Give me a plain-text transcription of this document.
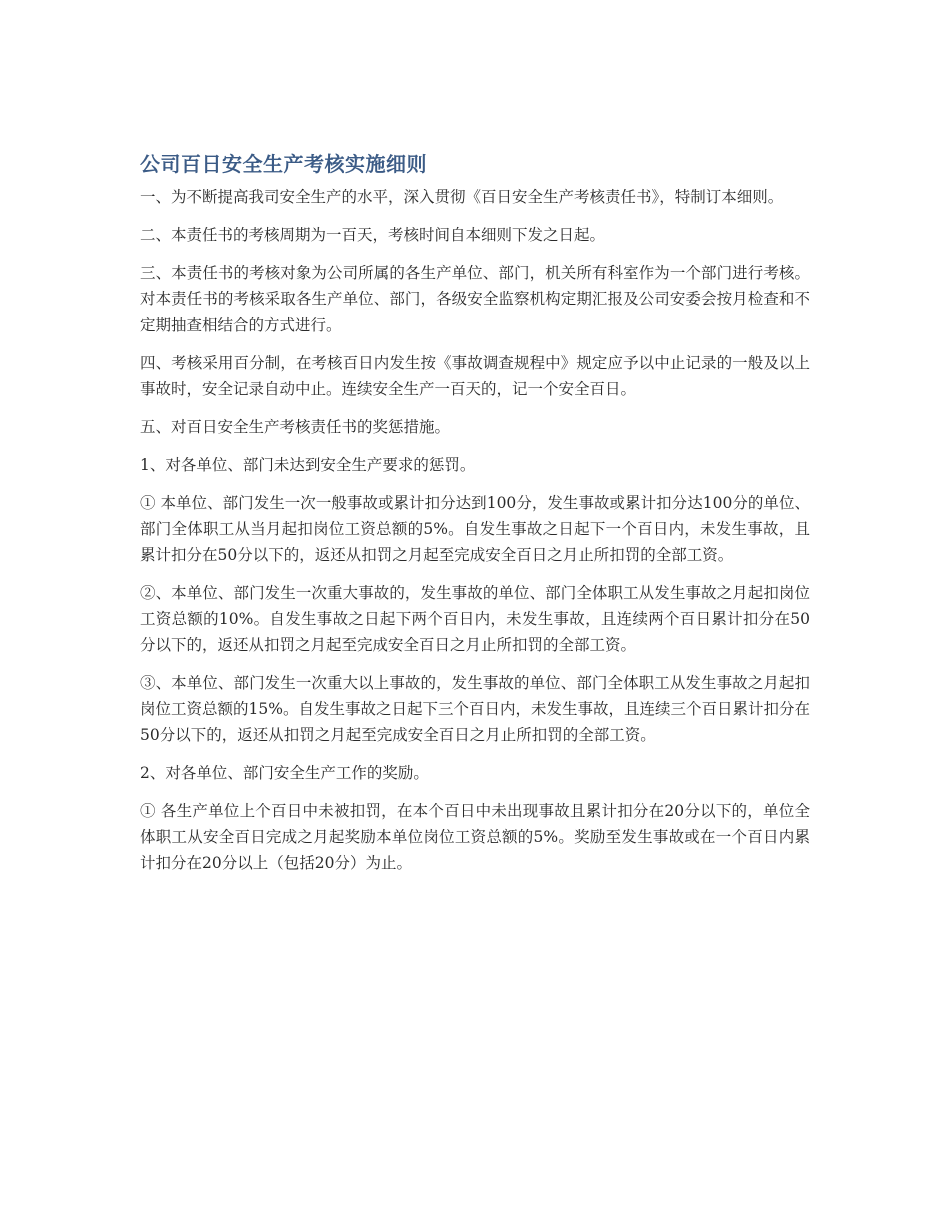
公司百日安全生产考核实施细则

一、为不断提高我司安全生产的水平，深入贯彻《百日安全生产考核责任书》，特制订本细则。

二、本责任书的考核周期为一百天，考核时间自本细则下发之日起。

三、本责任书的考核对象为公司所属的各生产单位、部门，机关所有科室作为一个部门进行考核。对本责任书的考核采取各生产单位、部门，各级安全监察机构定期汇报及公司安委会按月检查和不定期抽查相结合的方式进行。

四、考核采用百分制，在考核百日内发生按《事故调查规程中》规定应予以中止记录的一般及以上事故时，安全记录自动中止。连续安全生产一百天的，记一个安全百日。

五、对百日安全生产考核责任书的奖惩措施。

1、对各单位、部门未达到安全生产要求的惩罚。

① 本单位、部门发生一次一般事故或累计扣分达到100分，发生事故或累计扣分达100分的单位、部门全体职工从当月起扣岗位工资总额的5%。自发生事故之日起下一个百日内，未发生事故，且累计扣分在50分以下的，返还从扣罚之月起至完成安全百日之月止所扣罚的全部工资。

②、本单位、部门发生一次重大事故的，发生事故的单位、部门全体职工从发生事故之月起扣岗位工资总额的10%。自发生事故之日起下两个百日内，未发生事故，且连续两个百日累计扣分在50分以下的，返还从扣罚之月起至完成安全百日之月止所扣罚的全部工资。

③、本单位、部门发生一次重大以上事故的，发生事故的单位、部门全体职工从发生事故之月起扣岗位工资总额的15%。自发生事故之日起下三个百日内，未发生事故，且连续三个百日累计扣分在50分以下的，返还从扣罚之月起至完成安全百日之月止所扣罚的全部工资。

2、对各单位、部门安全生产工作的奖励。

① 各生产单位上个百日中未被扣罚，在本个百日中未出现事故且累计扣分在20分以下的，单位全体职工从安全百日完成之月起奖励本单位岗位工资总额的5%。奖励至发生事故或在一个百日内累计扣分在20分以上（包括20分）为止。
